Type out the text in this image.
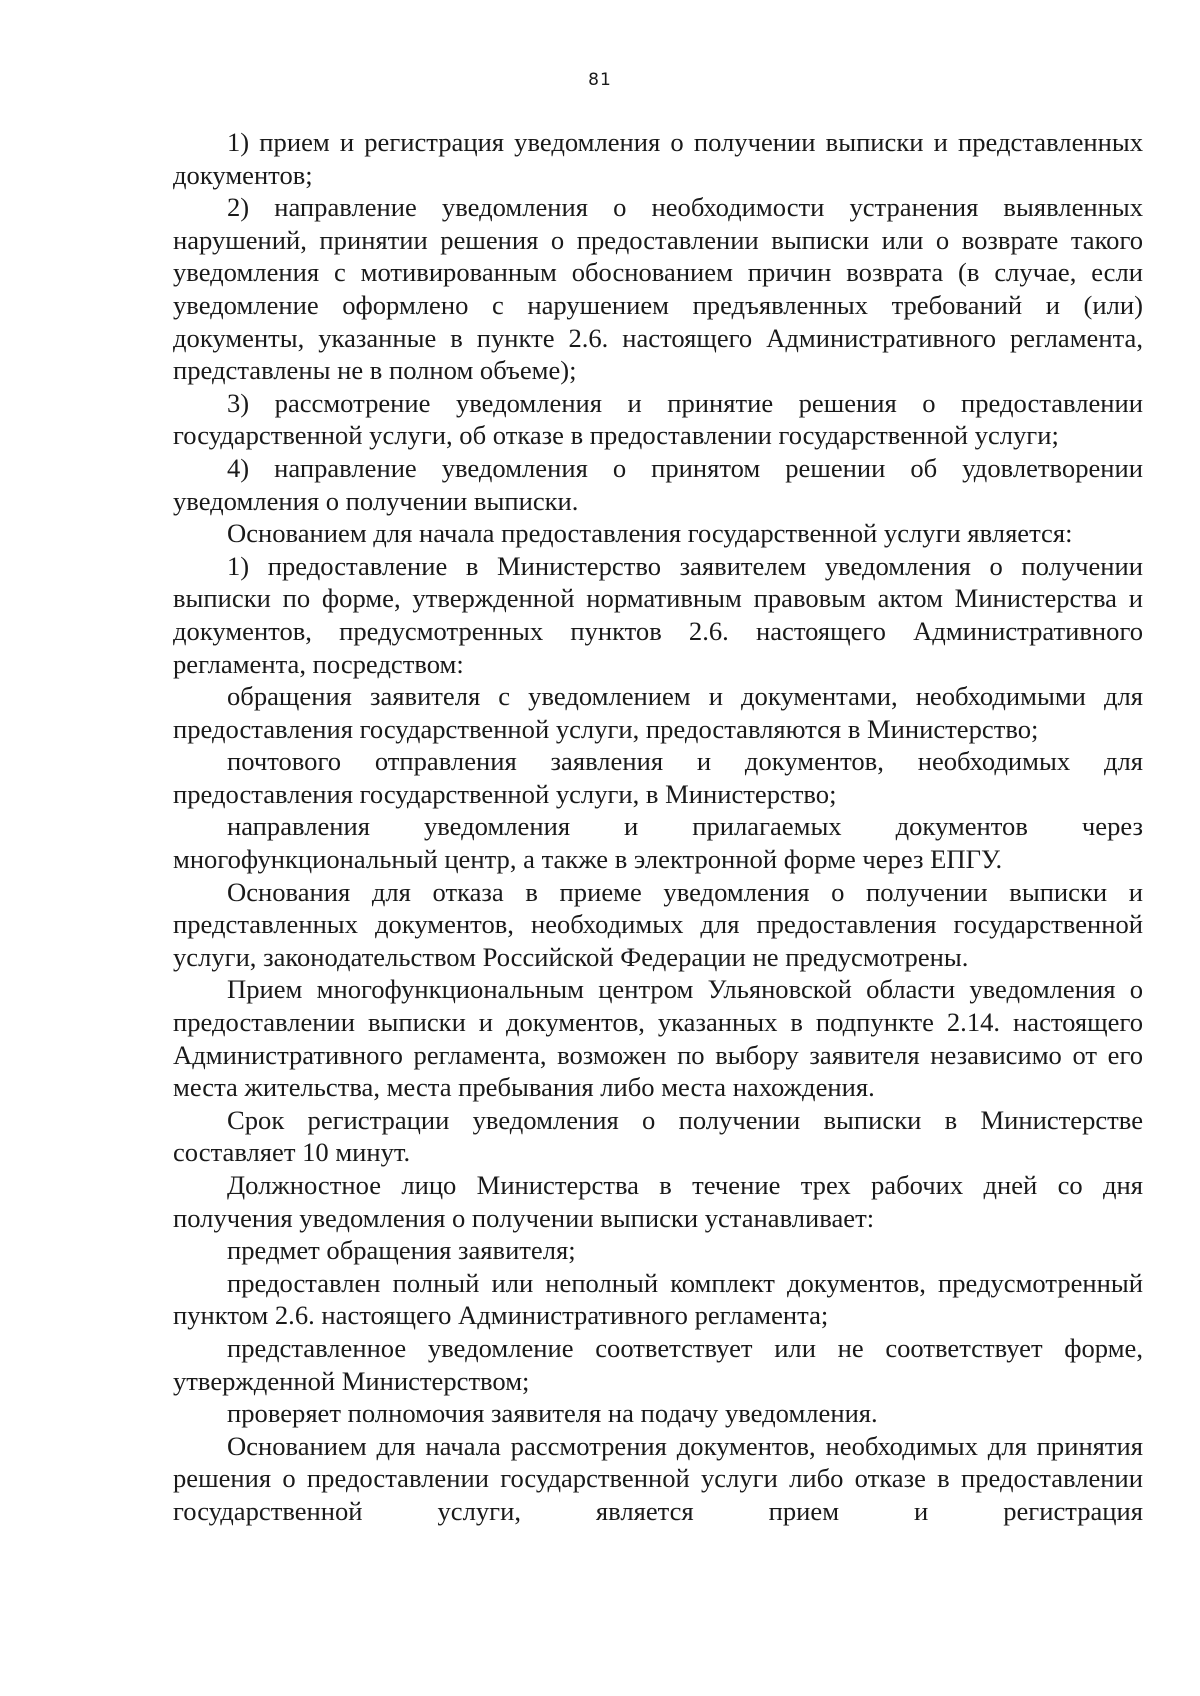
81

1) прием и регистрация уведомления о получении выписки и представленных документов;

2) направление уведомления о необходимости устранения выявленных нарушений, принятии решения о предоставлении выписки или о возврате такого уведомления с мотивированным обоснованием причин возврата (в случае, если уведомление оформлено с нарушением предъявленных требований и (или) документы, указанные в пункте 2.6. настоящего Административного регламента, представлены не в полном объеме);

3) рассмотрение уведомления и принятие решения о предоставлении государственной услуги, об отказе в предоставлении государственной услуги;

4) направление уведомления о принятом решении об удовлетворении уведомления о получении выписки.

Основанием для начала предоставления государственной услуги является:

1) предоставление в Министерство заявителем уведомления о получении выписки по форме, утвержденной нормативным правовым актом Министерства и документов, предусмотренных пунктов 2.6. настоящего Административного регламента, посредством:

обращения заявителя с уведомлением и документами, необходимыми для предоставления государственной услуги, предоставляются в Министерство;

почтового отправления заявления и документов, необходимых для предоставления государственной услуги, в Министерство;

направления уведомления и прилагаемых документов через многофункциональный центр, а также в электронной форме через ЕПГУ.

Основания для отказа в приеме уведомления о получении выписки и представленных документов, необходимых для предоставления государственной услуги, законодательством Российской Федерации не предусмотрены.

Прием многофункциональным центром Ульяновской области уведомления о предоставлении выписки и документов, указанных в подпункте 2.14. настоящего Административного регламента, возможен по выбору заявителя независимо от его места жительства, места пребывания либо места нахождения.

Срок регистрации уведомления о получении выписки в Министерстве составляет 10 минут.

Должностное лицо Министерства в течение трех рабочих дней со дня получения уведомления о получении выписки устанавливает:

предмет обращения заявителя;

предоставлен полный или неполный комплект документов, предусмотренный пунктом 2.6. настоящего Административного регламента;

представленное уведомление соответствует или не соответствует форме, утвержденной Министерством;

проверяет полномочия заявителя на подачу уведомления.

Основанием для начала рассмотрения документов, необходимых для принятия решения о предоставлении государственной услуги либо отказе в предоставлении государственной услуги, является прием и регистрация
